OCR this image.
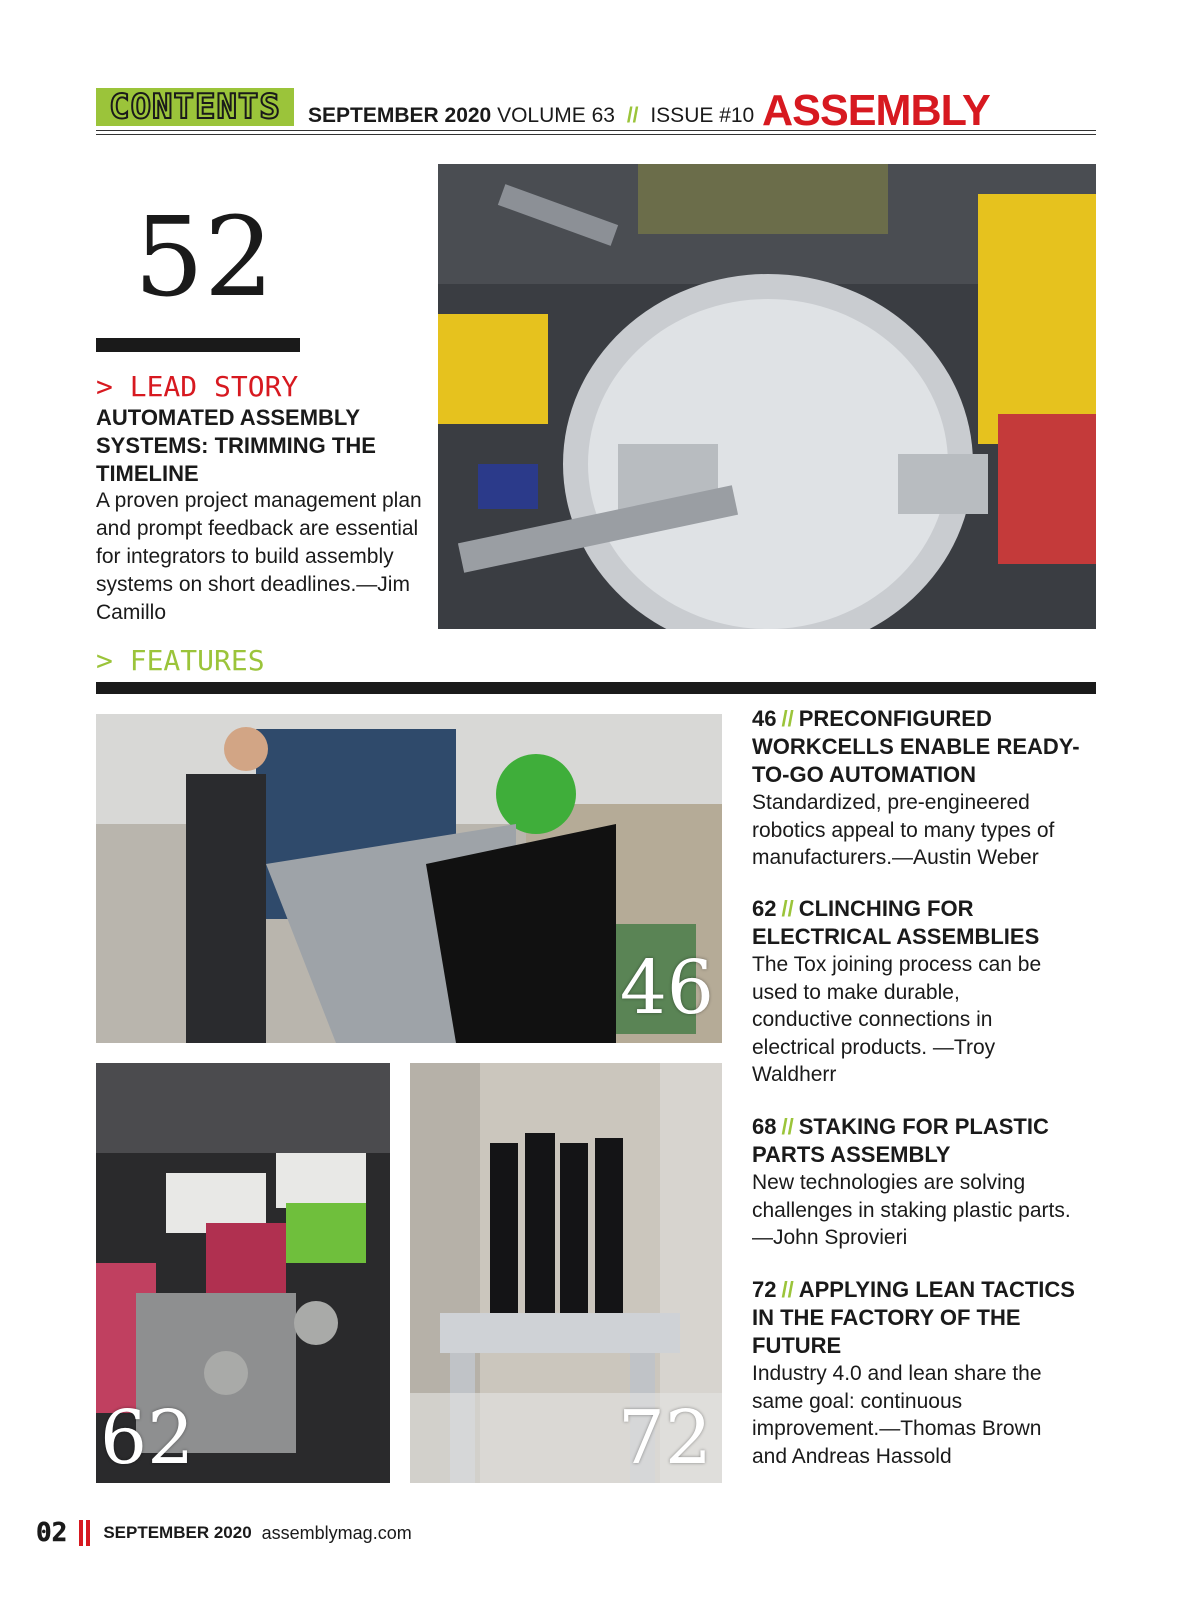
CONTENTS SEPTEMBER 2020 VOLUME 63 // ISSUE #10 ASSEMBLY
52
> LEAD STORY
AUTOMATED ASSEMBLY SYSTEMS: TRIMMING THE TIMELINE
A proven project management plan and prompt feedback are essential for integrators to build assembly systems on short deadlines.—Jim Camillo
> FEATURES
46
62	72
46 // PRECONFIGURED WORKCELLS ENABLE READY-TO-GO AUTOMATION
Standardized, pre-engineered robotics appeal to many types of manufacturers.—Austin Weber
62 // CLINCHING FOR ELECTRICAL ASSEMBLIES
The Tox joining process can be used to make durable, conductive connections in electrical products. —Troy Waldherr
68 // STAKING FOR PLASTIC PARTS ASSEMBLY
New technologies are solving challenges in staking plastic parts.—John Sprovieri
72 // APPLYING LEAN TACTICS IN THE FACTORY OF THE FUTURE
Industry 4.0 and lean share the same goal: continuous improvement.—Thomas Brown and Andreas Hassold
02 SEPTEMBER 2020 assemblymag.com
